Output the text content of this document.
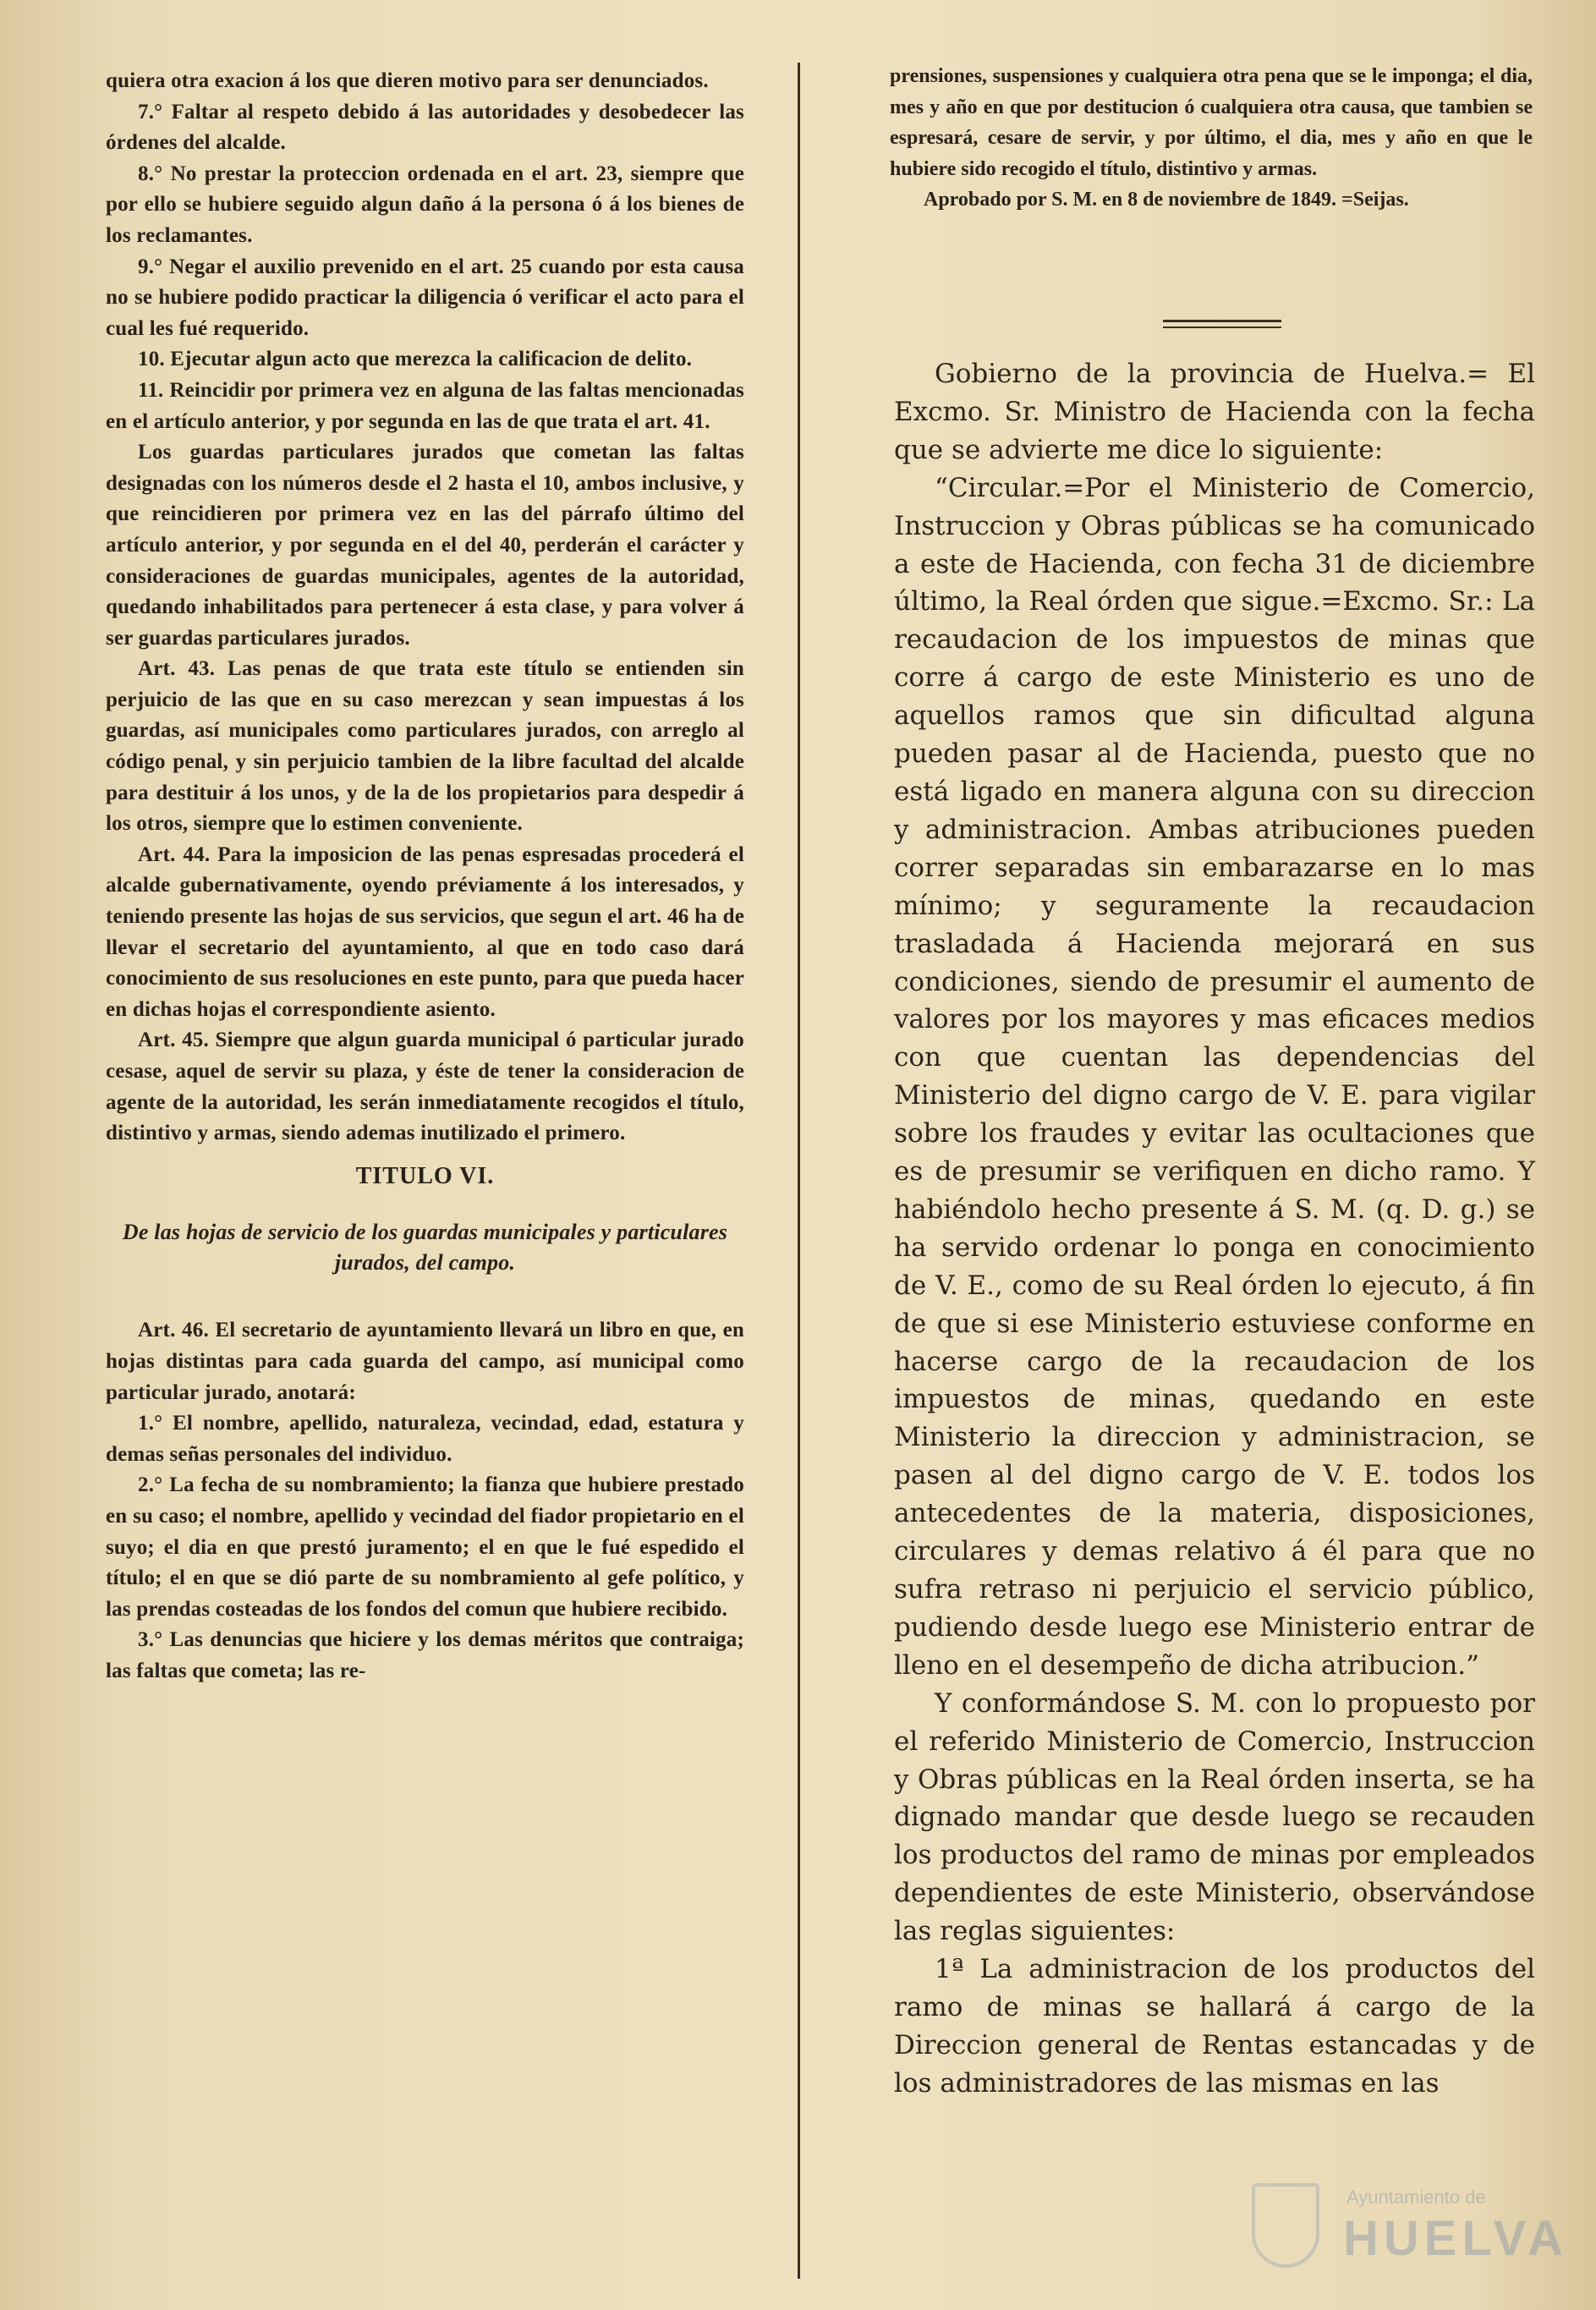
quiera otra exacion á los que dieren motivo para ser denunciados.

7.° Faltar al respeto debido á las autoridades y desobedecer las órdenes del alcalde.

8.° No prestar la proteccion ordenada en el art. 23, siempre que por ello se hubiere seguido algun daño á la persona ó á los bienes de los reclamantes.

9.° Negar el auxilio prevenido en el art. 25 cuando por esta causa no se hubiere podido practicar la diligencia ó verificar el acto para el cual les fué requerido.

10. Ejecutar algun acto que merezca la calificacion de delito.

11. Reincidir por primera vez en alguna de las faltas mencionadas en el artículo anterior, y por segunda en las de que trata el art. 41.

Los guardas particulares jurados que cometan las faltas designadas con los números desde el 2 hasta el 10, ambos inclusive, y que reincidieren por primera vez en las del párrafo último del artículo anterior, y por segunda en el del 40, perderán el carácter y consideraciones de guardas municipales, agentes de la autoridad, quedando inhabilitados para pertenecer á esta clase, y para volver á ser guardas particulares jurados.

Art. 43. Las penas de que trata este título se entienden sin perjuicio de las que en su caso merezcan y sean impuestas á los guardas, así municipales como particulares jurados, con arreglo al código penal, y sin perjuicio tambien de la libre facultad del alcalde para destituir á los unos, y de la de los propietarios para despedir á los otros, siempre que lo estimen conveniente.

Art. 44. Para la imposicion de las penas espresadas procederá el alcalde gubernativamente, oyendo préviamente á los interesados, y teniendo presente las hojas de sus servicios, que segun el art. 46 ha de llevar el secretario del ayuntamiento, al que en todo caso dará conocimiento de sus resoluciones en este punto, para que pueda hacer en dichas hojas el correspondiente asiento.

Art. 45. Siempre que algun guarda municipal ó particular jurado cesase, aquel de servir su plaza, y éste de tener la consideracion de agente de la autoridad, les serán inmediatamente recogidos el título, distintivo y armas, siendo ademas inutilizado el primero.

TITULO VI.
De las hojas de servicio de los guardas municipales y particulares jurados, del campo.

Art. 46. El secretario de ayuntamiento llevará un libro en que, en hojas distintas para cada guarda del campo, así municipal como particular jurado, anotará:

1.° El nombre, apellido, naturaleza, vecindad, edad, estatura y demas señas personales del individuo.

2.° La fecha de su nombramiento; la fianza que hubiere prestado en su caso; el nombre, apellido y vecindad del fiador propietario en el suyo; el dia en que prestó juramento; el en que le fué espedido el título; el en que se dió parte de su nombramiento al gefe político, y las prendas costeadas de los fondos del comun que hubiere recibido.

3.° Las denuncias que hiciere y los demas méritos que contraiga; las faltas que cometa; las re-

prensiones, suspensiones y cualquiera otra pena que se le imponga; el dia, mes y año en que por destitucion ó cualquiera otra causa, que tambien se espresará, cesare de servir, y por último, el dia, mes y año en que le hubiere sido recogido el título, distintivo y armas.

Aprobado por S. M. en 8 de noviembre de 1849. =Seijas.

Gobierno de la provincia de Huelva.= El Excmo. Sr. Ministro de Hacienda con la fecha que se advierte me dice lo siguiente:

“Circular.=Por el Ministerio de Comercio, Instruccion y Obras públicas se ha comunicado a este de Hacienda, con fecha 31 de diciembre último, la Real órden que sigue.=Excmo. Sr.: La recaudacion de los impuestos de minas que corre á cargo de este Ministerio es uno de aquellos ramos que sin dificultad alguna pueden pasar al de Hacienda, puesto que no está ligado en manera alguna con su direccion y administracion. Ambas atribuciones pueden correr separadas sin embarazarse en lo mas mínimo; y seguramente la recaudacion trasladada á Hacienda mejorará en sus condiciones, siendo de presumir el aumento de valores por los mayores y mas eficaces medios con que cuentan las dependencias del Ministerio del digno cargo de V. E. para vigilar sobre los fraudes y evitar las ocultaciones que es de presumir se verifiquen en dicho ramo. Y habiéndolo hecho presente á S. M. (q. D. g.) se ha servido ordenar lo ponga en conocimiento de V. E., como de su Real órden lo ejecuto, á fin de que si ese Ministerio estuviese conforme en hacerse cargo de la recaudacion de los impuestos de minas, quedando en este Ministerio la direccion y administracion, se pasen al del digno cargo de V. E. todos los antecedentes de la materia, disposiciones, circulares y demas relativo á él para que no sufra retraso ni perjuicio el servicio público, pudiendo desde luego ese Ministerio entrar de lleno en el desempeño de dicha atribucion.”

Y conformándose S. M. con lo propuesto por el referido Ministerio de Comercio, Instruccion y Obras públicas en la Real órden inserta, se ha dignado mandar que desde luego se recauden los productos del ramo de minas por empleados dependientes de este Ministerio, observándose las reglas siguientes:

1ª La administracion de los productos del ramo de minas se hallará á cargo de la Direccion general de Rentas estancadas y de los administradores de las mismas en las

Ayuntamiento de
HUELVA
